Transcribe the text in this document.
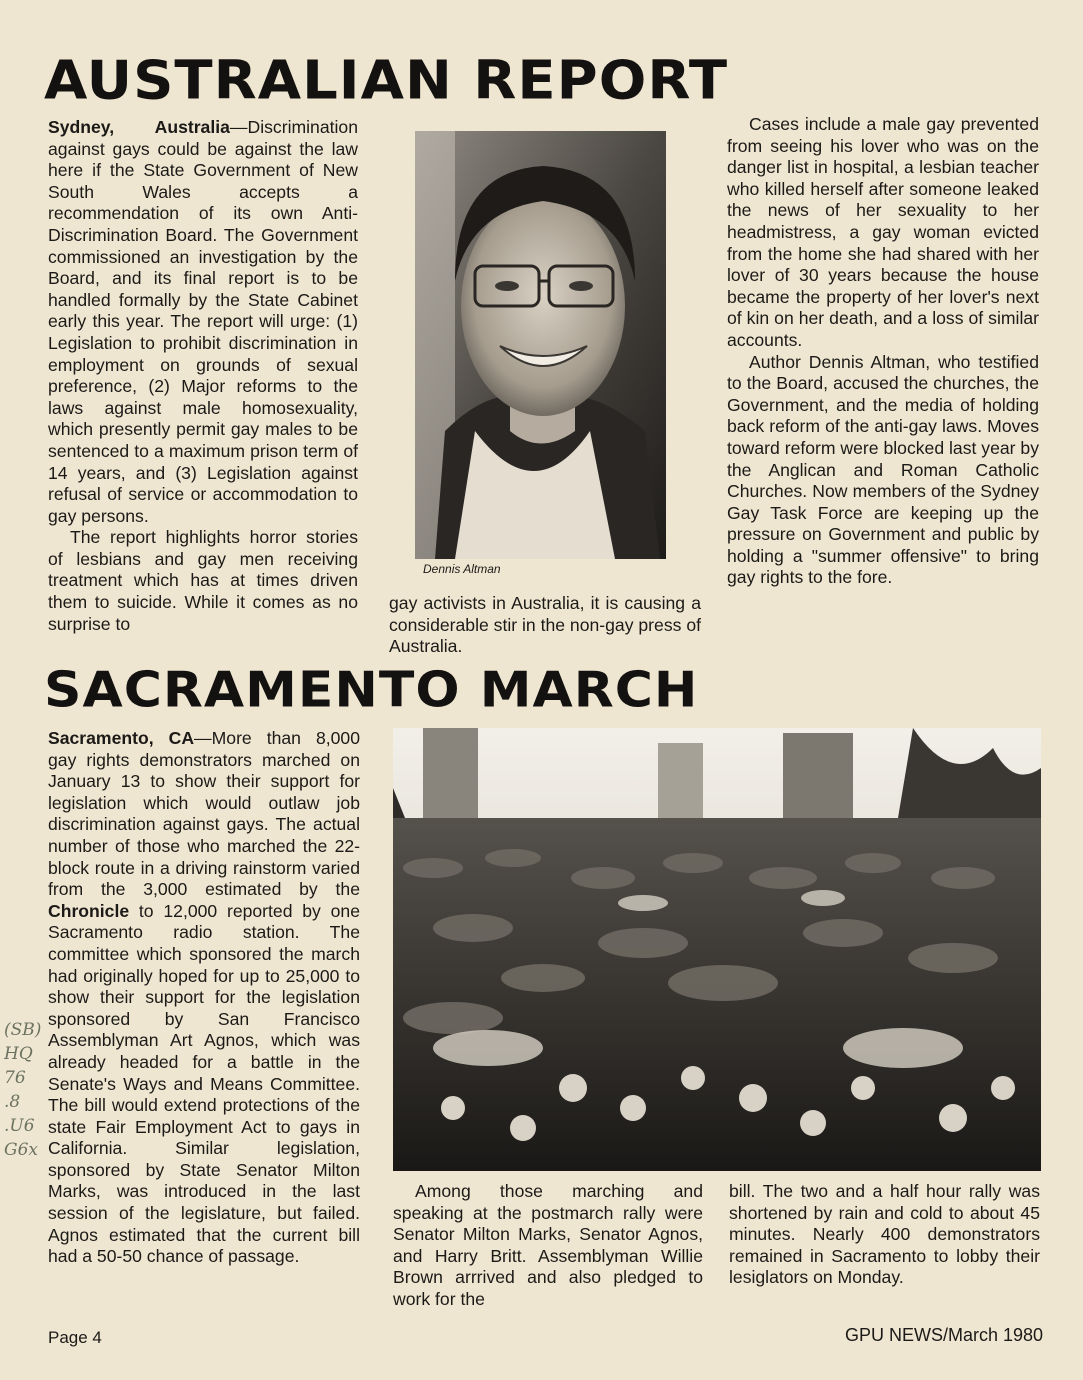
AUSTRALIAN REPORT

Sydney, Australia—Discrimination against gays could be against the law here if the State Government of New South Wales accepts a recommendation of its own Anti-Discrimination Board. The Government commissioned an investigation by the Board, and its final report is to be handled formally by the State Cabinet early this year. The report will urge: (1) Legislation to prohibit discrimination in employment on grounds of sexual preference, (2) Major reforms to the laws against male homosexuality, which presently permit gay males to be sentenced to a maximum prison term of 14 years, and (3) Legislation against refusal of service or accommodation to gay persons.

The report highlights horror stories of lesbians and gay men receiving treatment which has at times driven them to suicide. While it comes as no surprise to

Dennis Altman

gay activists in Australia, it is causing a considerable stir in the non-gay press of Australia.

Cases include a male gay prevented from seeing his lover who was on the danger list in hospital, a lesbian teacher who killed herself after someone leaked the news of her sexuality to her headmistress, a gay woman evicted from the home she had shared with her lover of 30 years because the house became the property of her lover's next of kin on her death, and a loss of similar accounts.

Author Dennis Altman, who testified to the Board, accused the churches, the Government, and the media of holding back reform of the anti-gay laws. Moves toward reform were blocked last year by the Anglican and Roman Catholic Churches. Now members of the Sydney Gay Task Force are keeping up the pressure on Government and public by holding a "summer offensive" to bring gay rights to the fore.

SACRAMENTO MARCH

Sacramento, CA—More than 8,000 gay rights demonstrators marched on January 13 to show their support for legislation which would outlaw job discrimination against gays. The actual number of those who marched the 22-block route in a driving rainstorm varied from the 3,000 estimated by the Chronicle to 12,000 reported by one Sacramento radio station. The committee which sponsored the march had originally hoped for up to 25,000 to show their support for the legislation sponsored by San Francisco Assemblyman Art Agnos, which was already headed for a battle in the Senate's Ways and Means Committee. The bill would extend protections of the state Fair Employment Act to gays in California. Similar legislation, sponsored by State Senator Milton Marks, was introduced in the last session of the legislature, but failed. Agnos estimated that the current bill had a 50-50 chance of passage.

Among those marching and speaking at the postmarch rally were Senator Milton Marks, Senator Agnos, and Harry Britt. Assemblyman Willie Brown arrrived and also pledged to work for the

bill. The two and a half hour rally was shortened by rain and cold to about 45 minutes. Nearly 400 demonstrators remained in Sacramento to lobby their lesiglators on Monday.

(SB)
HQ
76
.8
.U6
G6x
Page 4	GPU NEWS/March 1980
